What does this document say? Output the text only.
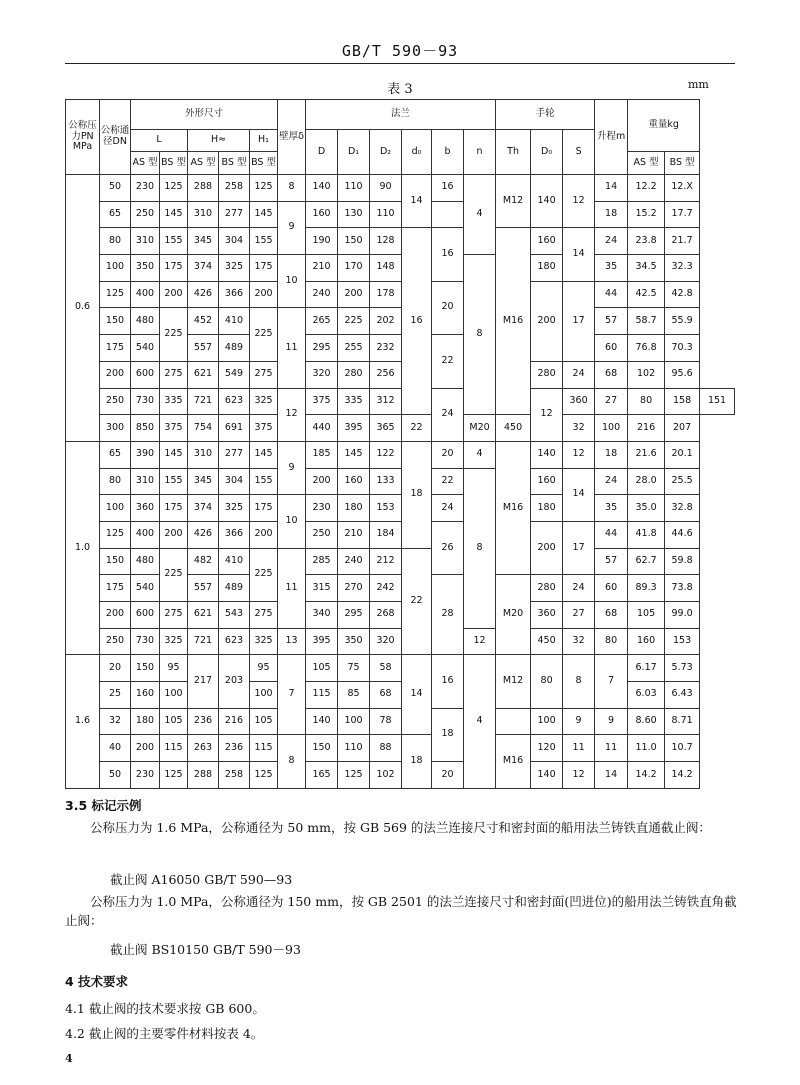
GB/T 590－93
表 3	mm
公称压力PN MPa	公称通径DN	外形尺寸					壁厚δ	法兰						手轮			升程m	重量kg		
		L		H≈		H₁		D	D₁	D₂	d₀	b	n	Th	D₀	S				
		AS 型	BS 型	AS 型	BS 型	BS 型												AS 型	BS 型	
0.6	50	230	125	288	258	125	8	140	110	90	14	16	4	M12	140	12	14	12.2	12.X	
	65	250	145	310	277	145	9	160	130	110							18	15.2	17.7	
	80	310	155	345	304	155		190	150	128	16	16		M16	160	14	24	23.8	21.7	
	100	350	175	374	325	175	10	210	170	148			8		180		35	34.5	32.3	
	125	400	200	426	366	200		240	200	178		20			200	17	44	42.5	42.8	
	150	480	225	452	410	225	11	265	225	202							57	58.7	55.9	
	175	540		557	489			295	255	232		22					60	76.8	70.3	
	200	600	275	621	549	275		320	280	256					280	24	68	102	95.6	
	250	730	335	721	623	325	12	375	335	312		24			12	360	27	80	158	151
	300	850	375	754	691	375		440	395	365	22		M20	450		32	100	216	207	
1.0	65	390	145	310	277	145	9	185	145	122	18	20	4	M16	140	12	18	21.6	20.1	
	80	310	155	345	304	155		200	160	133		22	8		160	14	24	28.0	25.5	
	100	360	175	374	325	175	10	230	180	153		24			180		35	35.0	32.8	
	125	400	200	426	366	200		250	210	184		26			200	17	44	41.8	44.6	
	150	480	225	482	410	225	11	285	240	212	22						57	62.7	59.8	
	175	540		557	489			315	270	242		28		M20	280	24	60	89.3	73.8	
	200	600	275	621	543	275		340	295	268					360	27	68	105	99.0	
	250	730	325	721	623	325	13	395	350	320			12		450	32	80	160	153	
1.6	20	150	95	217	203	95	7	105	75	58	14	16	4	M12	80	8	7	6.17	5.73	
	25	160	100			100		115	85	68								6.03	6.43	
	32	180	105	236	216	105		140	100	78		18			100	9	9	8.60	8.71	
	40	200	115	263	236	115	8	150	110	88	18			M16	120	11	11	11.0	10.7	
	50	230	125	288	258	125		165	125	102		20			140	12	14	14.2	14.2	
3.5 标记示例
公称压力为 1.6 MPa，公称通径为 50 mm，按 GB 569 的法兰连接尺寸和密封面的船用法兰铸铁直通截止阀：
截止阀 A16050 GB/T 590—93
公称压力为 1.0 MPa，公称通径为 150 mm，按 GB 2501 的法兰连接尺寸和密封面(凹进位)的船用法兰铸铁直角截止阀：
截止阀 BS10150 GB/T 590－93
4 技术要求
4.1 截止阀的技术要求按 GB 600。
4.2 截止阀的主要零件材料按表 4。
4
